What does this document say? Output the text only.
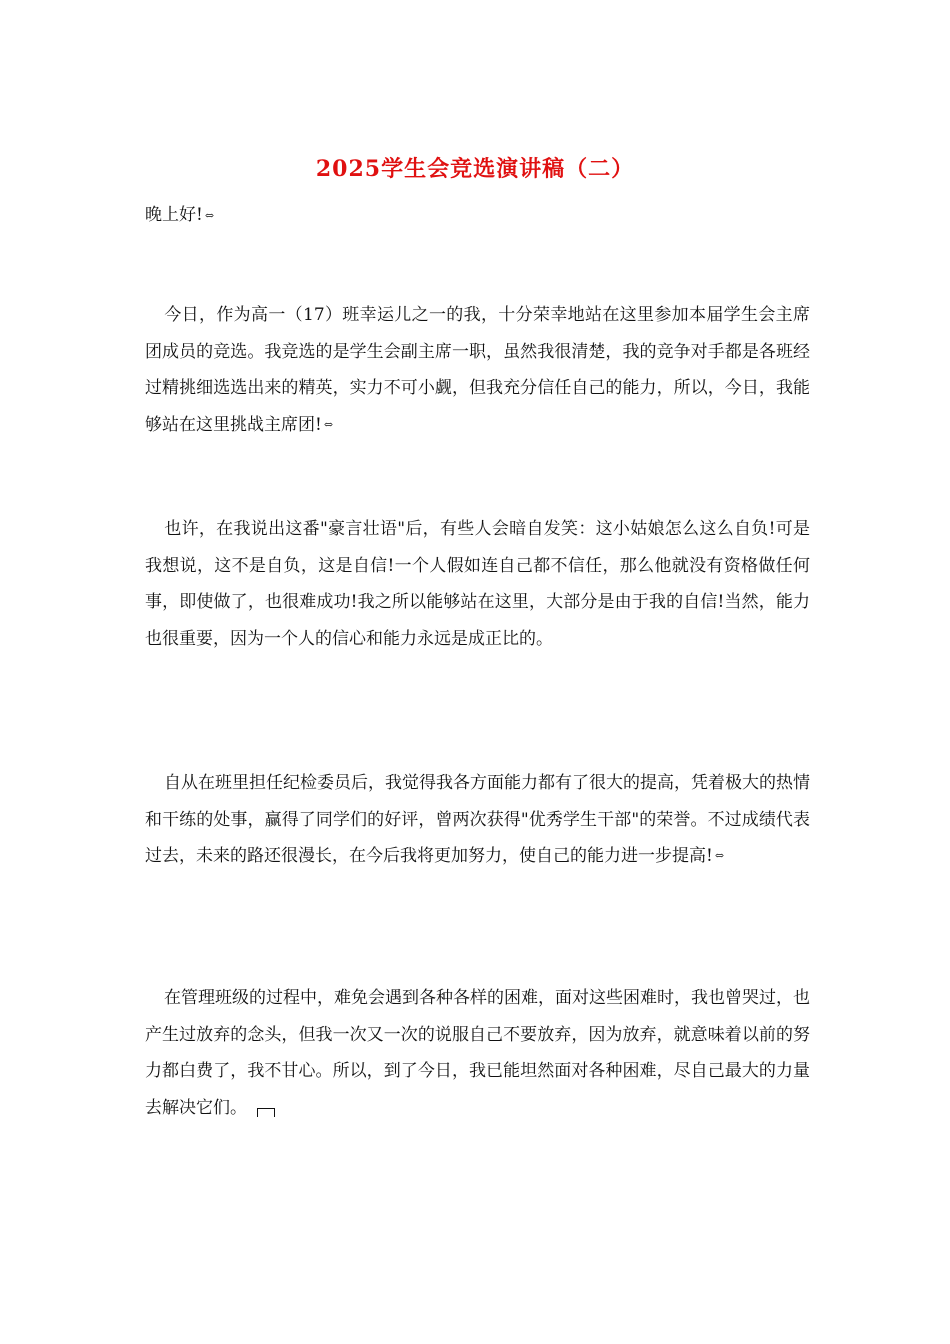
2025学生会竞选演讲稿（二）
晚上好! ⇔
今日，作为高一（17）班幸运儿之一的我，十分荣幸地站在这里参加本届学生会主席团成员的竞选。我竞选的是学生会副主席一职，虽然我很清楚，我的竞争对手都是各班经过精挑细选选出来的精英，实力不可小觑，但我充分信任自己的能力，所以，今日，我能够站在这里挑战主席团! ⇔
也许，在我说出这番"豪言壮语"后，有些人会暗自发笑：这小姑娘怎么这么自负!可是我想说，这不是自负，这是自信!一个人假如连自己都不信任，那么他就没有资格做任何事，即使做了，也很难成功!我之所以能够站在这里，大部分是由于我的自信!当然，能力也很重要，因为一个人的信心和能力永远是成正比的。
自从在班里担任纪检委员后，我觉得我各方面能力都有了很大的提高，凭着极大的热情和干练的处事，赢得了同学们的好评，曾两次获得"优秀学生干部"的荣誉。不过成绩代表过去，未来的路还很漫长，在今后我将更加努力，使自己的能力进一步提高! ⇔
在管理班级的过程中，难免会遇到各种各样的困难，面对这些困难时，我也曾哭过，也产生过放弃的念头，但我一次又一次的说服自己不要放弃，因为放弃，就意味着以前的努力都白费了，我不甘心。所以，到了今日，我已能坦然面对各种困难，尽自己最大的力量去解决它们。
